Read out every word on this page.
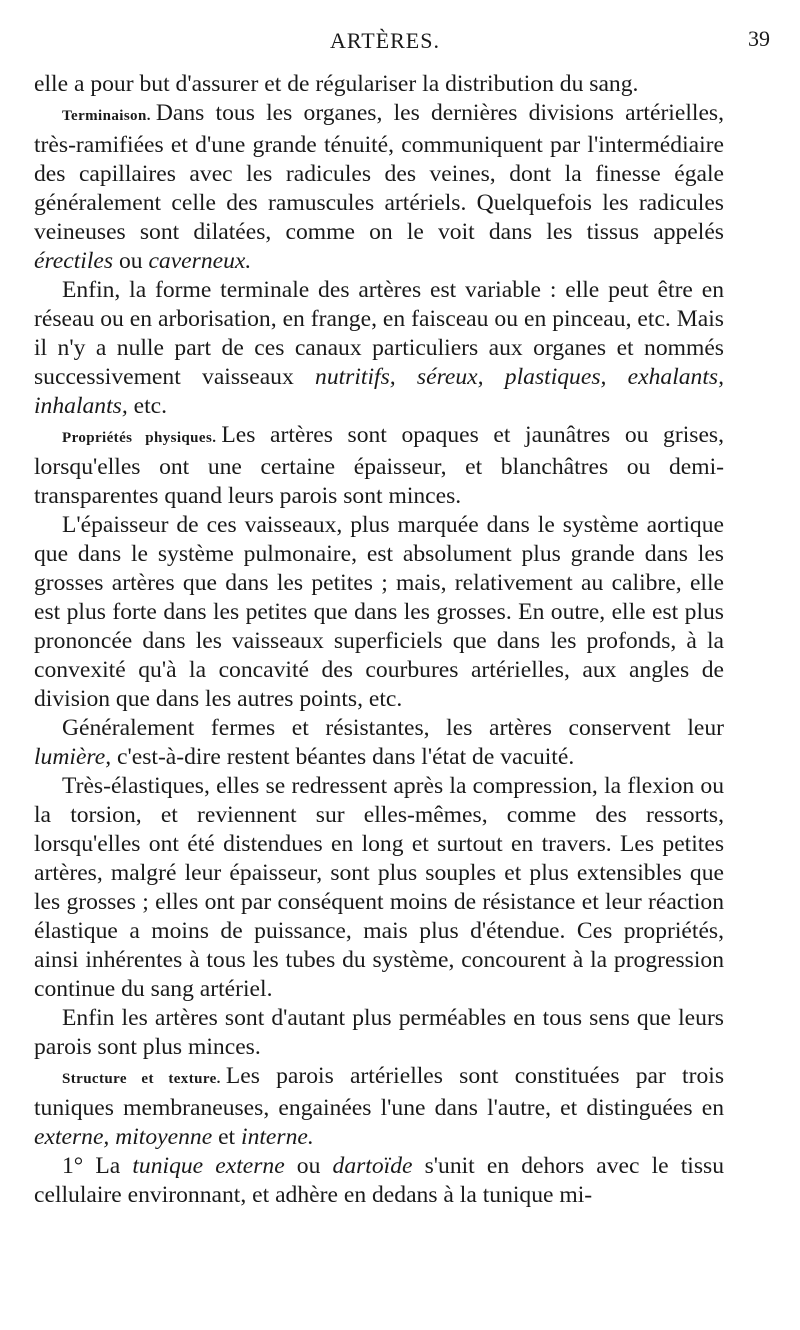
ARTÈRES.	39

elle a pour but d'assurer et de régulariser la distribution du sang.

Terminaison. Dans tous les organes, les dernières divisions artérielles, très-ramifiées et d'une grande ténuité, communiquent par l'intermédiaire des capillaires avec les radicules des veines, dont la finesse égale généralement celle des ramuscules artériels. Quelquefois les radicules veineuses sont dilatées, comme on le voit dans les tissus appelés érectiles ou caverneux.

Enfin, la forme terminale des artères est variable : elle peut être en réseau ou en arborisation, en frange, en faisceau ou en pinceau, etc. Mais il n'y a nulle part de ces canaux particuliers aux organes et nommés successivement vaisseaux nutritifs, séreux, plastiques, exhalants, inhalants, etc.

Propriétés physiques. Les artères sont opaques et jaunâtres ou grises, lorsqu'elles ont une certaine épaisseur, et blanchâtres ou demi-transparentes quand leurs parois sont minces.

L'épaisseur de ces vaisseaux, plus marquée dans le système aortique que dans le système pulmonaire, est absolument plus grande dans les grosses artères que dans les petites ; mais, relativement au calibre, elle est plus forte dans les petites que dans les grosses. En outre, elle est plus prononcée dans les vaisseaux superficiels que dans les profonds, à la convexité qu'à la concavité des courbures artérielles, aux angles de division que dans les autres points, etc.

Généralement fermes et résistantes, les artères conservent leur lumière, c'est-à-dire restent béantes dans l'état de vacuité.

Très-élastiques, elles se redressent après la compression, la flexion ou la torsion, et reviennent sur elles-mêmes, comme des ressorts, lorsqu'elles ont été distendues en long et surtout en travers. Les petites artères, malgré leur épaisseur, sont plus souples et plus extensibles que les grosses ; elles ont par conséquent moins de résistance et leur réaction élastique a moins de puissance, mais plus d'étendue. Ces propriétés, ainsi inhérentes à tous les tubes du système, concourent à la progression continue du sang artériel.

Enfin les artères sont d'autant plus perméables en tous sens que leurs parois sont plus minces.

Structure et texture. Les parois artérielles sont constituées par trois tuniques membraneuses, engainées l'une dans l'autre, et distinguées en externe, mitoyenne et interne.

1° La tunique externe ou dartoïde s'unit en dehors avec le tissu cellulaire environnant, et adhère en dedans à la tunique mi-
